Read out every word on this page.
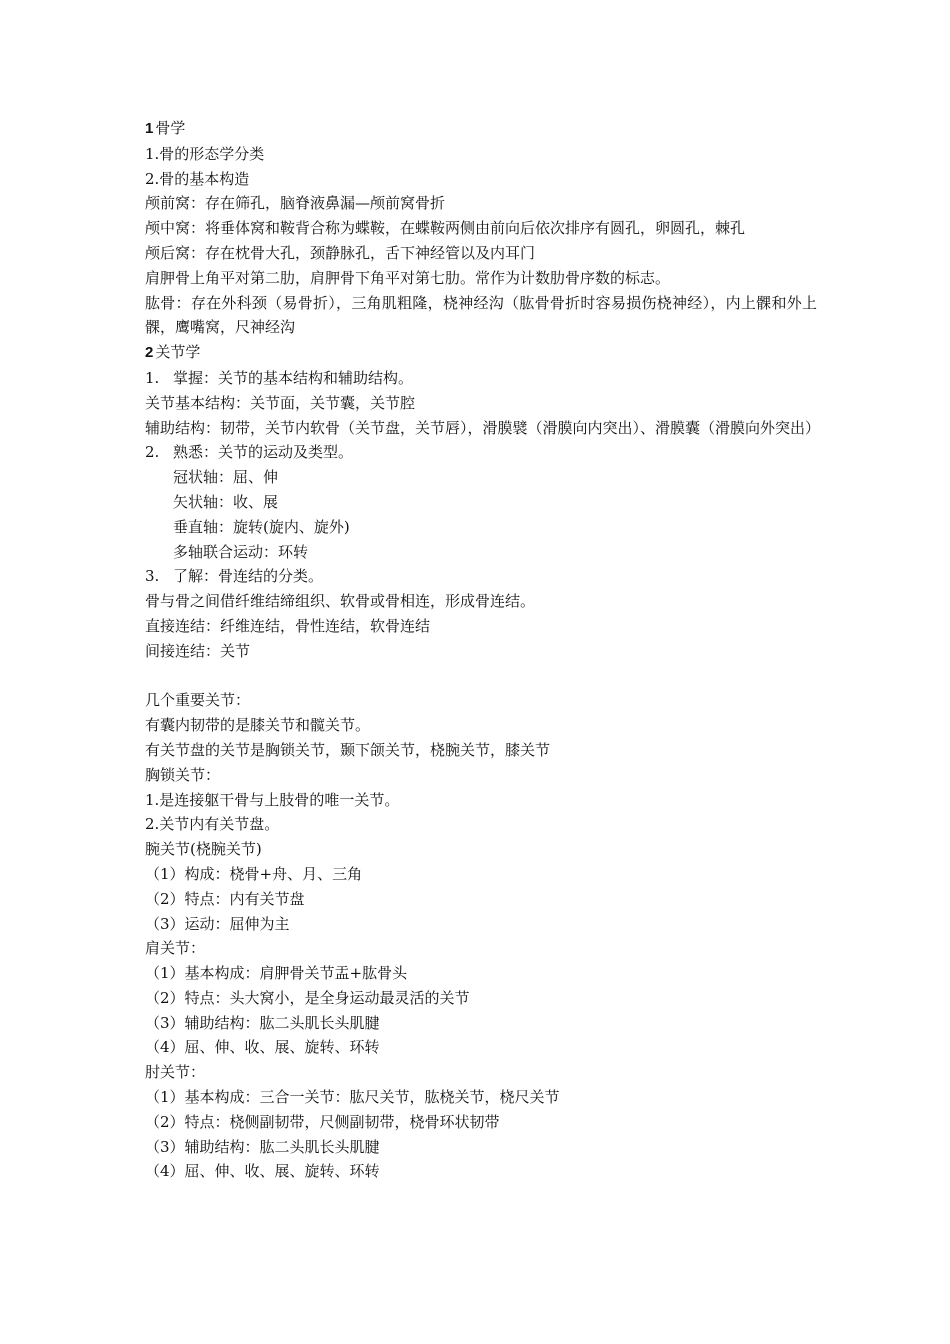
1 骨学
1.骨的形态学分类
2.骨的基本构造
颅前窝：存在筛孔，脑脊液鼻漏—颅前窝骨折
颅中窝：将垂体窝和鞍背合称为蝶鞍，在蝶鞍两侧由前向后依次排序有圆孔，卵圆孔，棘孔
颅后窝：存在枕骨大孔，颈静脉孔，舌下神经管以及内耳门
肩胛骨上角平对第二肋，肩胛骨下角平对第七肋。常作为计数肋骨序数的标志。
肱骨：存在外科颈（易骨折），三角肌粗隆，桡神经沟（肱骨骨折时容易损伤桡神经），内上髁和外上髁，鹰嘴窝，尺神经沟
2 关节学
1. 掌握：关节的基本结构和辅助结构。
关节基本结构：关节面，关节囊，关节腔
辅助结构：韧带，关节内软骨（关节盘，关节唇），滑膜襞（滑膜向内突出）、滑膜囊（滑膜向外突出）
2. 熟悉：关节的运动及类型。
冠状轴：屈、伸
矢状轴：收、展
垂直轴：旋转(旋内、旋外)
多轴联合运动：环转
3. 了解：骨连结的分类。
骨与骨之间借纤维结缔组织、软骨或骨相连，形成骨连结。
直接连结：纤维连结，骨性连结，软骨连结
间接连结：关节
几个重要关节：
有囊内韧带的是膝关节和髋关节。
有关节盘的关节是胸锁关节，颞下颌关节，桡腕关节，膝关节
胸锁关节：
1.是连接躯干骨与上肢骨的唯一关节。
2.关节内有关节盘。
腕关节(桡腕关节)
（1）构成：桡骨+舟、月、三角
（2）特点：内有关节盘
（3）运动：屈伸为主
肩关节：
（1）基本构成：肩胛骨关节盂+肱骨头
（2）特点：头大窝小，是全身运动最灵活的关节
（3）辅助结构：肱二头肌长头肌腱
（4）屈、伸、收、展、旋转、环转
肘关节：
（1）基本构成：三合一关节：肱尺关节，肱桡关节，桡尺关节
（2）特点：桡侧副韧带，尺侧副韧带，桡骨环状韧带
（3）辅助结构：肱二头肌长头肌腱
（4）屈、伸、收、展、旋转、环转
